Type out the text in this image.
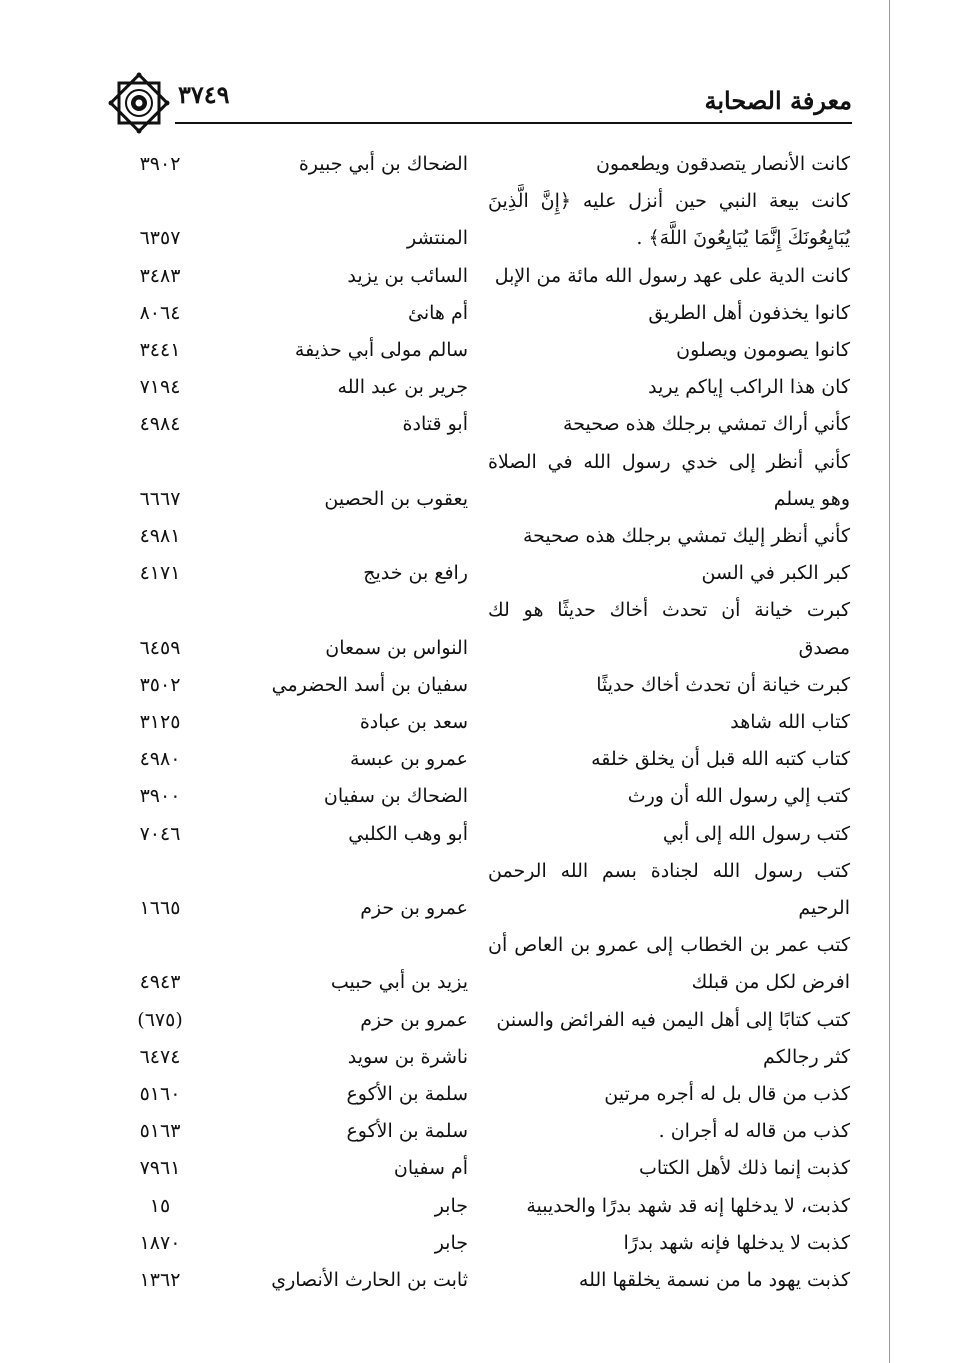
٣٧٤٩	معرفة الصحابة
كانت الأنصار يتصدقون ويطعمون
الضحاك بن أبي جبيرة
٣٩٠٢
كانت بيعة النبي حين أنزل عليه ﴿إِنَّ الَّذِينَ يُبَايِعُونَكَ إِنَّمَا يُبَايِعُونَ اللَّهَ﴾ .
المنتشر
٦٣٥٧
كانت الدية على عهد رسول الله مائة من الإبل
السائب بن يزيد
٣٤٨٣
كانوا يخذفون أهل الطريق
أم هانئ
٨٠٦٤
كانوا يصومون ويصلون
سالم مولى أبي حذيفة
٣٤٤١
كان هذا الراكب إياكم يريد
جرير بن عبد الله
٧١٩٤
كأني أراك تمشي برجلك هذه صحيحة
أبو قتادة
٤٩٨٤
كأني أنظر إلى خدي رسول الله في الصلاة وهو يسلم
يعقوب بن الحصين
٦٦٦٧
كأني أنظر إليك تمشي برجلك هذه صحيحة
٤٩٨١
كبر الكبر في السن
رافع بن خديج
٤١٧١
كبرت خيانة أن تحدث أخاك حديثًا هو لك مصدق
النواس بن سمعان
٦٤٥٩
كبرت خيانة أن تحدث أخاك حديثًا
سفيان بن أسد الحضرمي
٣٥٠٢
كتاب الله شاهد
سعد بن عبادة
٣١٢٥
كتاب كتبه الله قبل أن يخلق خلقه
عمرو بن عبسة
٤٩٨٠
كتب إلي رسول الله أن ورث
الضحاك بن سفيان
٣٩٠٠
كتب رسول الله إلى أبي
أبو وهب الكلبي
٧٠٤٦
كتب رسول الله لجنادة بسم الله الرحمن الرحيم
عمرو بن حزم
١٦٦٥
كتب عمر بن الخطاب إلى عمرو بن العاص أن افرض لكل من قبلك
يزيد بن أبي حبيب
٤٩٤٣
كتب كتابًا إلى أهل اليمن فيه الفرائض والسنن
عمرو بن حزم
(٦٧٥)
كثر رجالكم
ناشرة بن سويد
٦٤٧٤
كذب من قال بل له أجره مرتين
سلمة بن الأكوع
٥١٦٠
كذب من قاله له أجران .
سلمة بن الأكوع
٥١٦٣
كذبت إنما ذلك لأهل الكتاب
أم سفيان
٧٩٦١
كذبت، لا يدخلها إنه قد شهد بدرًا والحديبية
جابر
١٥
كذبت لا يدخلها فإنه شهد بدرًا
جابر
١٨٧٠
كذبت يهود ما من نسمة يخلقها الله
ثابت بن الحارث الأنصاري
١٣٦٢
